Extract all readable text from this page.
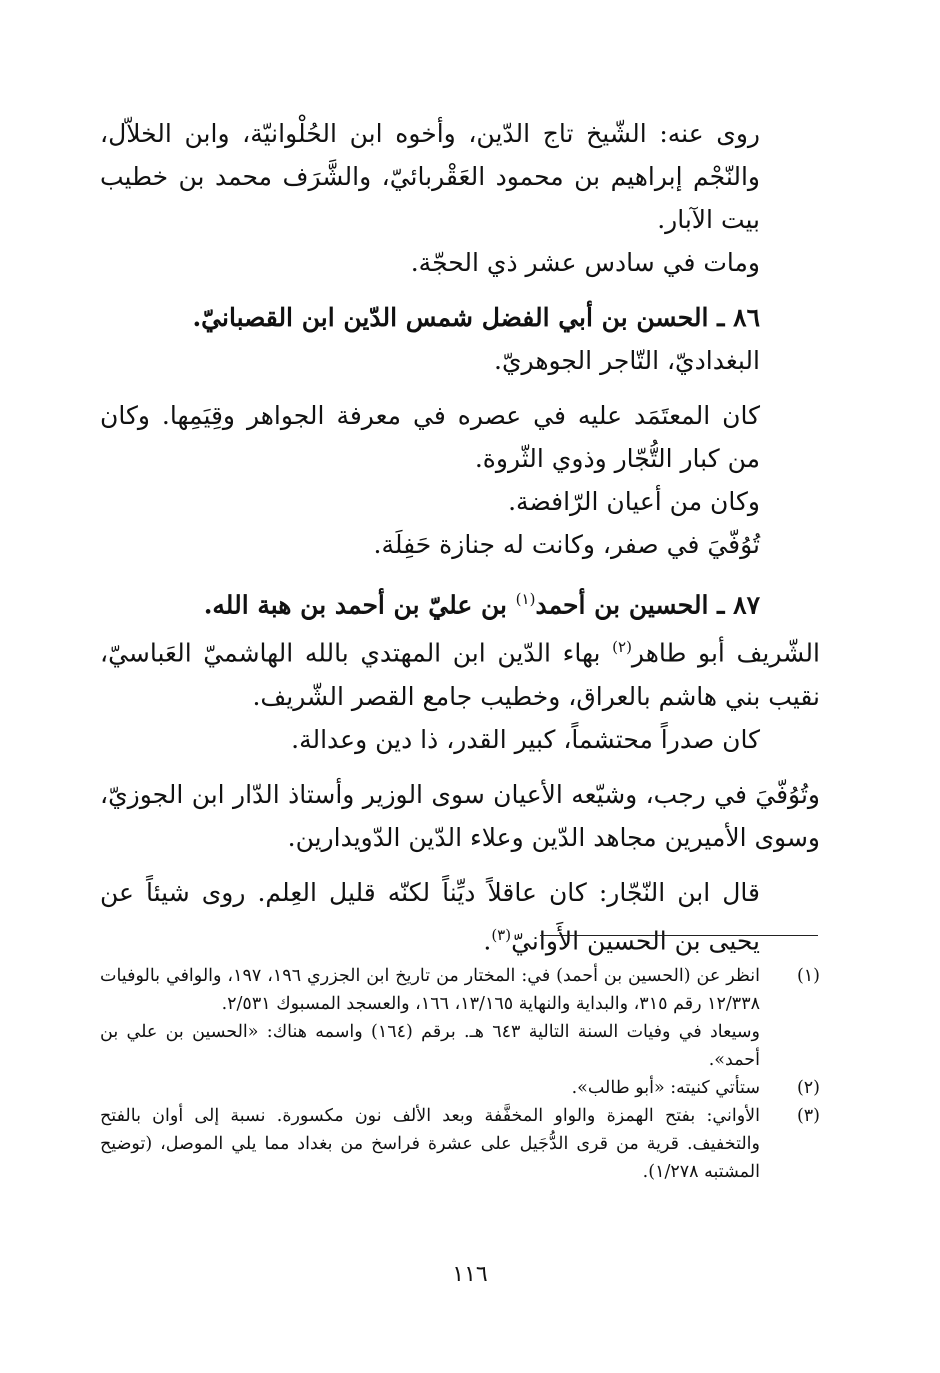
روى عنه: الشّيخ تاج الدّين، وأخوه ابن الحُلْوانيّة، وابن الخلاّل، والنّجْم إبراهيم بن محمود العَقْربائيّ، والشَّرَف محمد بن خطيب بيت الآبار.

ومات في سادس عشر ذي الحجّة.

٨٦ ـ الحسن بن أبي الفضل شمس الدّين ابن القصبانيّ.

البغداديّ، التّاجر الجوهريّ.

كان المعتَمَد عليه في عصره في معرفة الجواهر وقِيَمِها. وكان من كبار التُّجّار وذوي الثّروة.

وكان من أعيان الرّافضة.

تُوُفّيَ في صفر، وكانت له جنازة حَفِلَة.

٨٧ ـ الحسين بن أحمد$^{(١)}$ بن عليّ بن أحمد بن هبة الله.

الشّريف أبو طاهر$^{(٢)}$ بهاء الدّين ابن المهتدي بالله الهاشميّ العَباسيّ، نقيب بني هاشم بالعراق، وخطيب جامع القصر الشّريف.

كان صدراً محتشماً، كبير القدر، ذا دين وعدالة.

وتُوُفّيَ في رجب، وشيّعه الأعيان سوى الوزير وأستاذ الدّار ابن الجوزيّ، وسوى الأميرين مجاهد الدّين وعلاء الدّين الدّويدارين.

قال ابن النّجّار: كان عاقلاً ديِّناً لكنّه قليل العِلم. روى شيئاً عن يحيى بن الحسين الأَوانيّ$^{(٣)}$.

(١)
انظر عن (الحسين بن أحمد) في: المختار من تاريخ ابن الجزري ١٩٦، ١٩٧، والوافي بالوفيات ١٢/٣٣٨ رقم ٣١٥، والبداية والنهاية ١٣/١٦٥، ١٦٦، والعسجد المسبوك ٢/٥٣١.
وسيعاد في وفيات السنة التالية ٦٤٣ هـ. برقم (١٦٤) واسمه هناك: «الحسين بن علي بن أحمد».
(٢)
ستأتي كنيته: «أبو طالب».
(٣)
الأواني: بفتح الهمزة والواو المخفَّفة وبعد الألف نون مكسورة. نسبة إلى أوان بالفتح والتخفيف. قرية من قرى الدُّجَيل على عشرة فراسخ من بغداد مما يلي الموصل، (توضيح المشتبه ١/٢٧٨).
١١٦
